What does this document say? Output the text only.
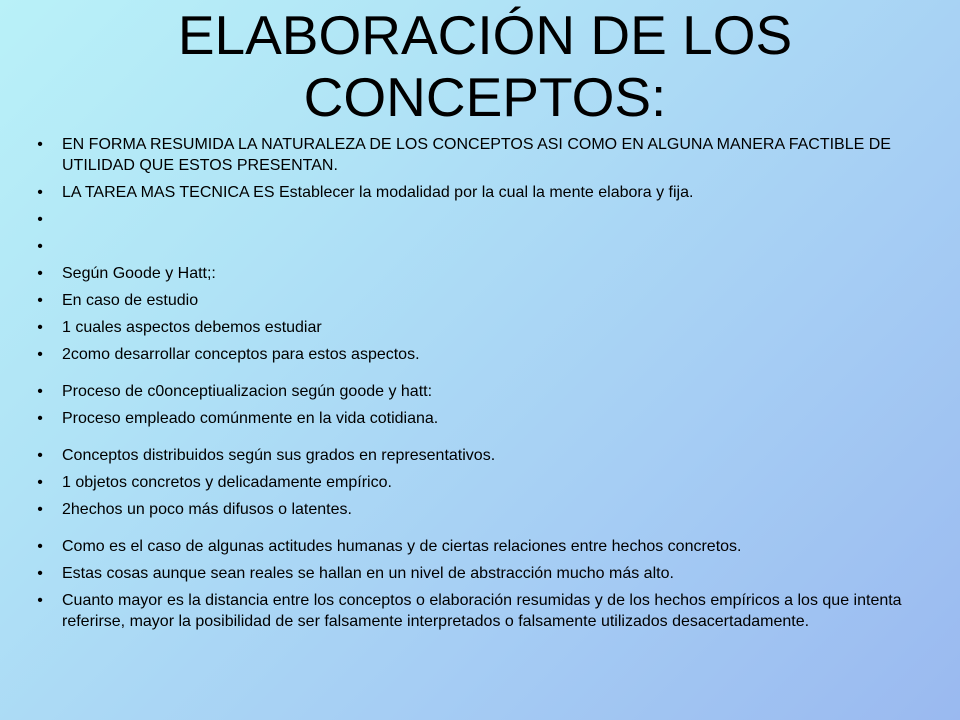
ELABORACIÓN DE LOS
CONCEPTOS:
• EN FORMA RESUMIDA LA NATURALEZA DE LOS CONCEPTOS ASI COMO EN ALGUNA MANERA FACTIBLE DE UTILIDAD QUE ESTOS PRESENTAN.
• LA TAREA MAS TECNICA ES Establecer la modalidad por la cual la mente elabora y fija.
•
•
• Según Goode y Hatt;:
• En caso de estudio
• 1 cuales aspectos debemos estudiar
• 2como desarrollar conceptos para estos aspectos.
• Proceso de c0onceptiualizacion según goode y hatt:
• Proceso empleado comúnmente en la vida cotidiana.
• Conceptos distribuidos según sus grados en representativos.
• 1 objetos concretos y delicadamente empírico.
• 2hechos un poco más difusos o latentes.
• Como es el caso de algunas actitudes humanas y de ciertas relaciones entre hechos concretos.
• Estas cosas aunque sean reales se hallan en un nivel de abstracción mucho más alto.
• Cuanto mayor es la distancia entre los conceptos o elaboración resumidas y de los hechos empíricos a los que intenta referirse, mayor la posibilidad de ser falsamente interpretados o falsamente utilizados desacertadamente.
